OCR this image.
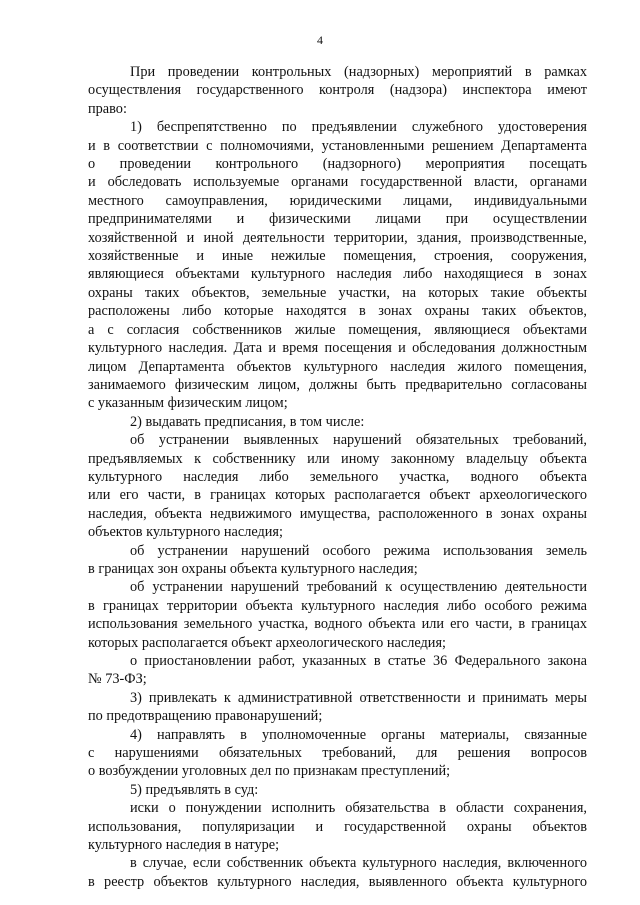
4
При проведении контрольных (надзорных) мероприятий в рамках
осуществления государственного контроля (надзора) инспектора имеют
право:
1) беспрепятственно по предъявлении служебного удостоверения
и в соответствии с полномочиями, установленными решением Департамента
о проведении контрольного (надзорного) мероприятия посещать
и обследовать используемые органами государственной власти, органами
местного самоуправления, юридическими лицами, индивидуальными
предпринимателями и физическими лицами при осуществлении
хозяйственной и иной деятельности территории, здания, производственные,
хозяйственные и иные нежилые помещения, строения, сооружения,
являющиеся объектами культурного наследия либо находящиеся в зонах
охраны таких объектов, земельные участки, на которых такие объекты
расположены либо которые находятся в зонах охраны таких объектов,
а с согласия собственников жилые помещения, являющиеся объектами
культурного наследия. Дата и время посещения и обследования должностным
лицом Департамента объектов культурного наследия жилого помещения,
занимаемого физическим лицом, должны быть предварительно согласованы
с указанным физическим лицом;
2) выдавать предписания, в том числе:
об устранении выявленных нарушений обязательных требований,
предъявляемых к собственнику или иному законному владельцу объекта
культурного наследия либо земельного участка, водного объекта
или его части, в границах которых располагается объект археологического
наследия, объекта недвижимого имущества, расположенного в зонах охраны
объектов культурного наследия;
об устранении нарушений особого режима использования земель
в границах зон охраны объекта культурного наследия;
об устранении нарушений требований к осуществлению деятельности
в границах территории объекта культурного наследия либо особого режима
использования земельного участка, водного объекта или его части, в границах
которых располагается объект археологического наследия;
о приостановлении работ, указанных в статье 36 Федерального закона
№ 73-ФЗ;
3) привлекать к административной ответственности и принимать меры
по предотвращению правонарушений;
4) направлять в уполномоченные органы материалы, связанные
с нарушениями обязательных требований, для решения вопросов
о возбуждении уголовных дел по признакам преступлений;
5) предъявлять в суд:
иски о понуждении исполнить обязательства в области сохранения,
использования, популяризации и государственной охраны объектов
культурного наследия в натуре;
в случае, если собственник объекта культурного наследия, включенного
в реестр объектов культурного наследия, выявленного объекта культурного
